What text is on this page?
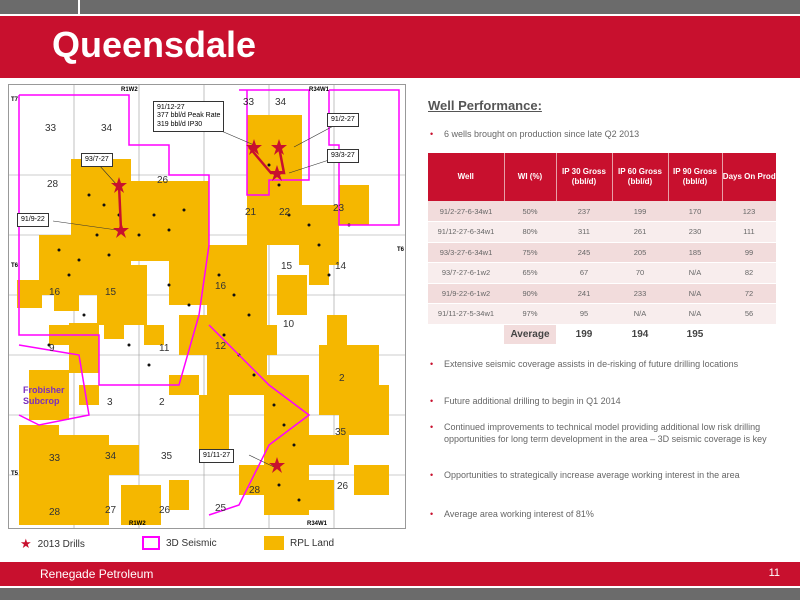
Queensdale
33	34
26
28
33 34
21 22	23
16	15
16
15	14
9	11	12
10
2
3	2
35
33	34	35
28	27	26	25
28	26
R1W2	R34W1
R1W2	R34W1
T7
T6
T6
T5
Frobisher Subcrop
91/12-27
377 bbl/d Peak Rate
319 bbl/d IP30
91/2-27
93/7-27
93/3-27
91/9-22
91/11-27
★ 2013 Drills	3D Seismic	RPL Land
Well Performance:
• 6 wells brought on production since late Q2 2013
Well	WI (%)	IP 30 Gross (bbl/d)	IP 60 Gross (bbl/d)	IP 90 Gross (bbl/d)	Days On Prod
91/2-27-6-34w1	50%	237	199	170	123
91/12-27-6-34w1	80%	311	261	230	111
93/3-27-6-34w1	75%	245	205	185	99
93/7-27-6-1w2	65%	67	70	N/A	82
91/9-22-6-1w2	90%	241	233	N/A	72
91/11-27-5-34w1	97%	95	N/A	N/A	56
	Average	199	194	195	
• Extensive seismic coverage assists in de-risking of future drilling locations
• Future additional drilling to begin in Q1 2014
• Continued improvements to technical model providing additional low risk drilling opportunities for long term development in the area – 3D seismic coverage is key
• Opportunities to strategically increase average working interest in the area
• Average area working interest of 81%
Renegade Petroleum	11
